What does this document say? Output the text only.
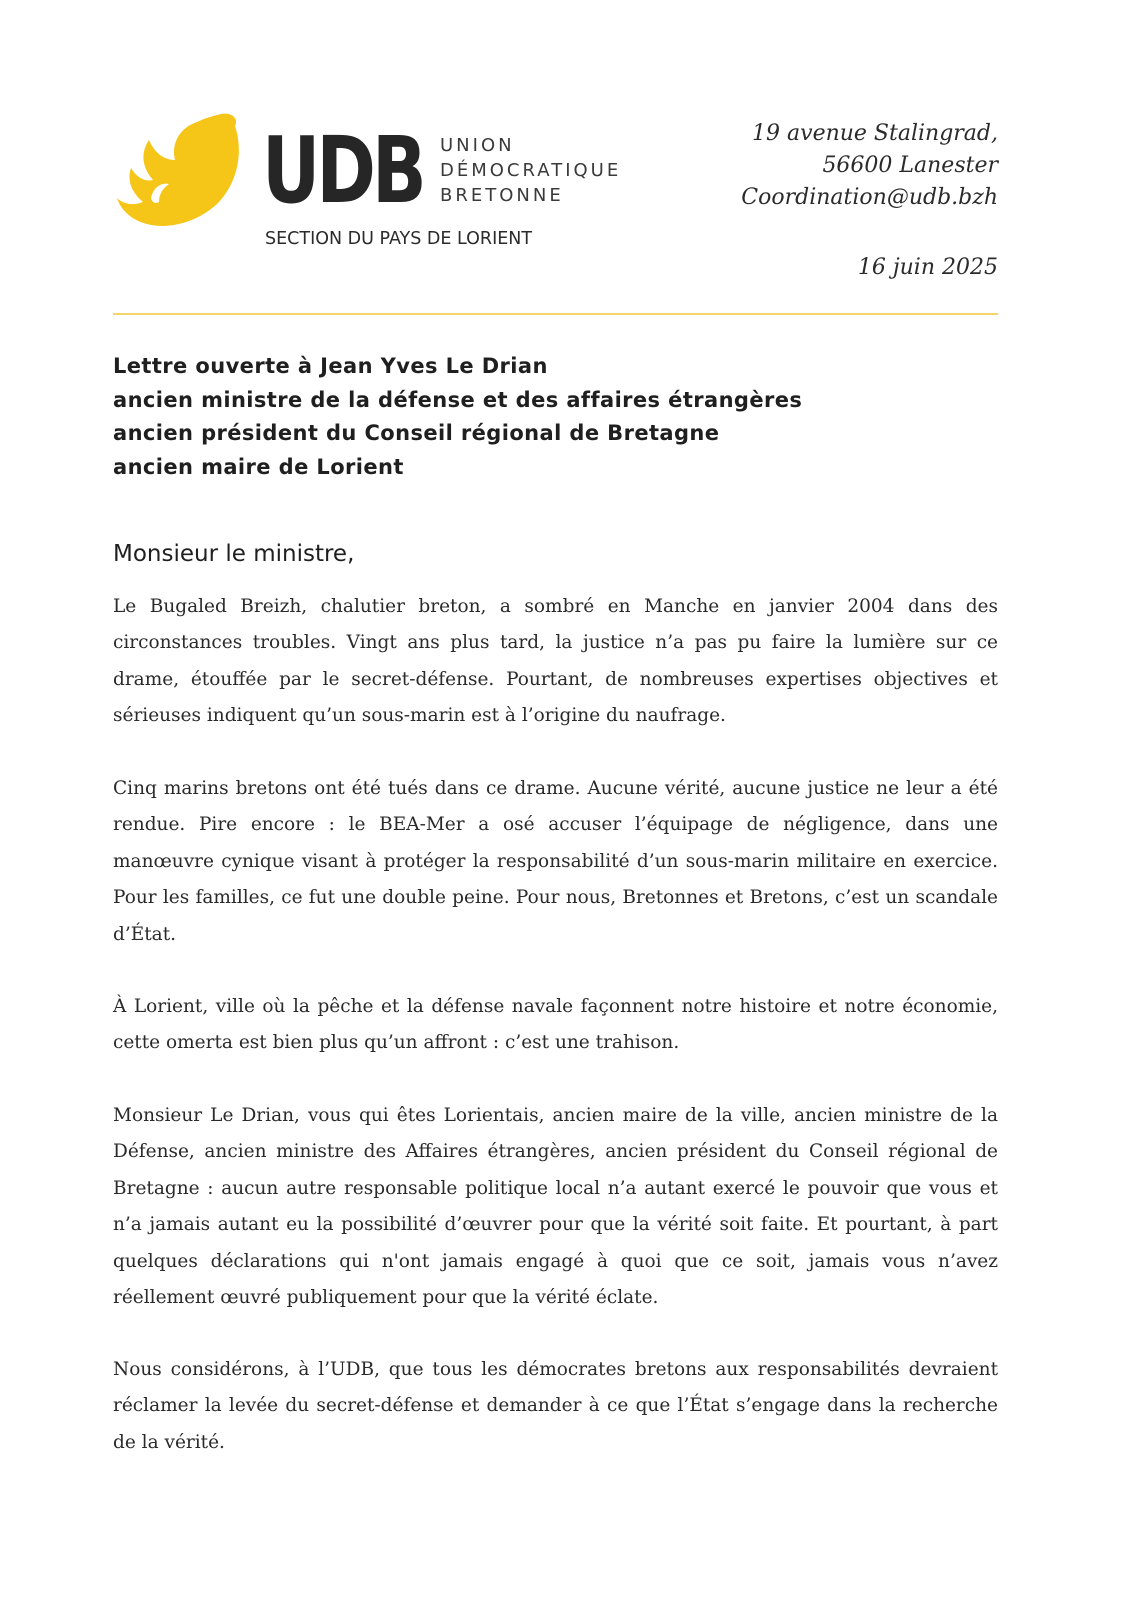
UDB UNION
DÉMOCRATIQUE
BRETONNE
SECTION DU PAYS DE LORIENT
19 avenue Stalingrad,
56600 Lanester
Coordination@udb.bzh
16 juin 2025
Lettre ouverte à Jean Yves Le Drian
ancien ministre de la défense et des affaires étrangères
ancien président du Conseil régional de Bretagne
ancien maire de Lorient
Monsieur le ministre,

Le Bugaled Breizh, chalutier breton, a sombré en Manche en janvier 2004 dans des circonstances troubles. Vingt ans plus tard, la justice n’a pas pu faire la lumière sur ce drame, étouffée par le secret-défense. Pourtant, de nombreuses expertises objectives et sérieuses indiquent qu’un sous-marin est à l’origine du naufrage.

Cinq marins bretons ont été tués dans ce drame. Aucune vérité, aucune justice ne leur a été rendue. Pire encore : le BEA-Mer a osé accuser l’équipage de négligence, dans une manœuvre cynique visant à protéger la responsabilité d’un sous-marin militaire en exercice. Pour les familles, ce fut une double peine. Pour nous, Bretonnes et Bretons, c’est un scandale d’État.

À Lorient, ville où la pêche et la défense navale façonnent notre histoire et notre économie, cette omerta est bien plus qu’un affront : c’est une trahison.

Monsieur Le Drian, vous qui êtes Lorientais, ancien maire de la ville, ancien ministre de la Défense, ancien ministre des Affaires étrangères, ancien président du Conseil régional de Bretagne : aucun autre responsable politique local n’a autant exercé le pouvoir que vous et n’a jamais autant eu la possibilité d’œuvrer pour que la vérité soit faite. Et pourtant, à part quelques déclarations qui n'ont jamais engagé à quoi que ce soit, jamais vous n’avez réellement œuvré publiquement pour que la vérité éclate.

Nous considérons, à l’UDB, que tous les démocrates bretons aux responsabilités devraient réclamer la levée du secret-défense et demander à ce que l’État s’engage dans la recherche de la vérité.
